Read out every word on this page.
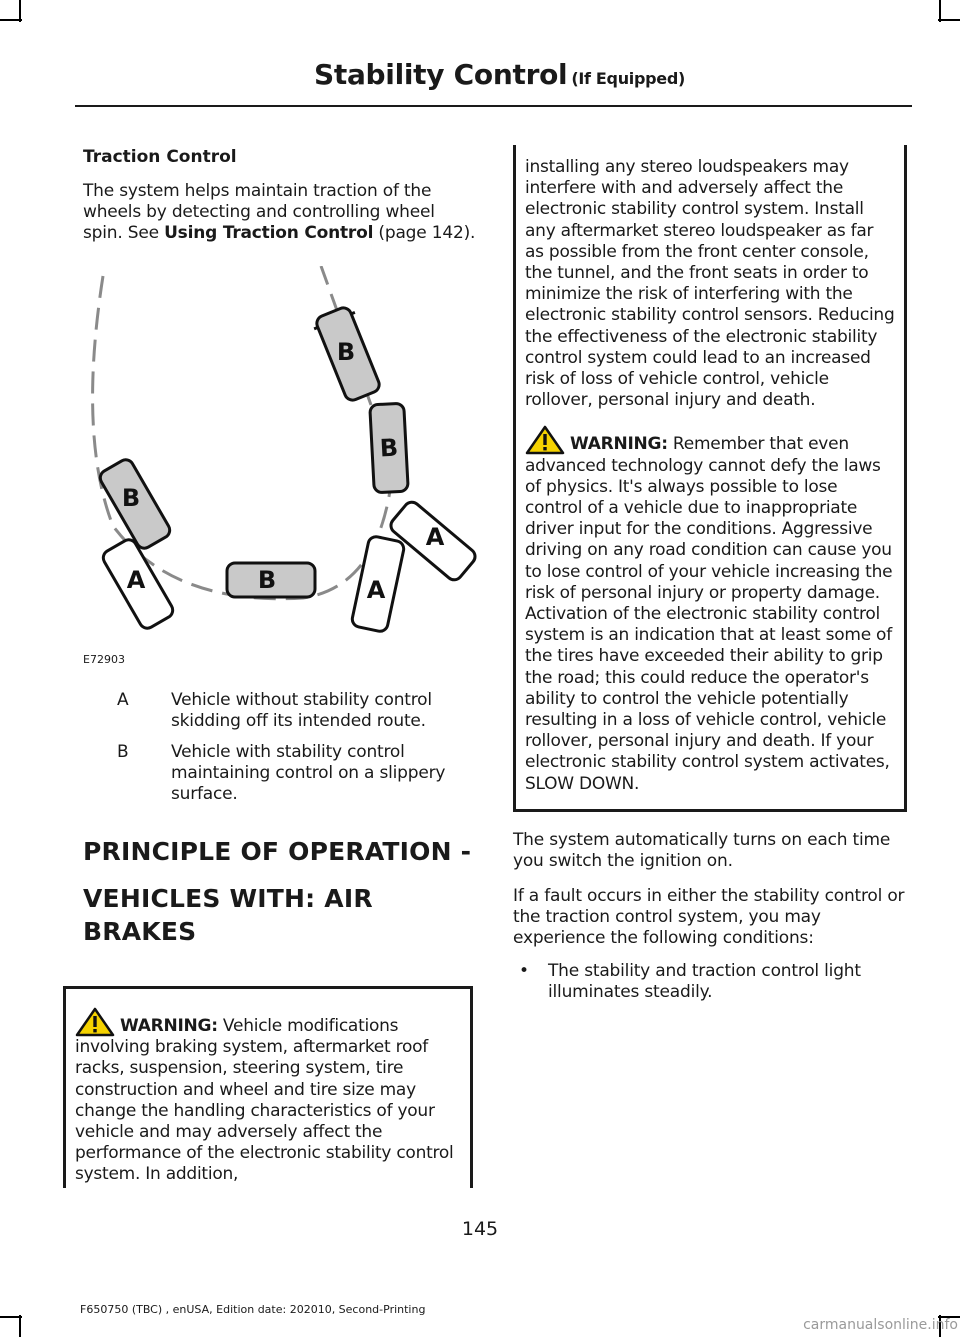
Stability Control (If Equipped)
Traction Control

The system helps maintain traction of the wheels by detecting and controlling wheel spin. See Using Traction Control (page 142).

B
B
B
B
A	A
A
E72903
A	Vehicle without stability control skidding off its intended route.
B	Vehicle with stability control maintaining control on a slippery surface.
PRINCIPLE OF OPERATION -
VEHICLES WITH: AIR BRAKES
WARNING: Vehicle modifications involving braking system, aftermarket roof racks, suspension, steering system, tire construction and wheel and tire size may change the handling characteristics of your vehicle and may adversely affect the performance of the electronic stability control system. In addition,
installing any stereo loudspeakers may interfere with and adversely affect the electronic stability control system. Install any aftermarket stereo loudspeaker as far as possible from the front center console, the tunnel, and the front seats in order to minimize the risk of interfering with the electronic stability control sensors. Reducing the effectiveness of the electronic stability control system could lead to an increased risk of loss of vehicle control, vehicle rollover, personal injury and death.
WARNING: Remember that even advanced technology cannot defy the laws of physics. It's always possible to lose control of a vehicle due to inappropriate driver input for the conditions. Aggressive driving on any road condition can cause you to lose control of your vehicle increasing the risk of personal injury or property damage. Activation of the electronic stability control system is an indication that at least some of the tires have exceeded their ability to grip the road; this could reduce the operator's ability to control the vehicle potentially resulting in a loss of vehicle control, vehicle rollover, personal injury and death. If your electronic stability control system activates, SLOW DOWN.

The system automatically turns on each time you switch the ignition on.

If a fault occurs in either the stability control or the traction control system, you may experience the following conditions:

•	The stability and traction control light illuminates steadily.
145
F650750 (TBC) , enUSA, Edition date: 202010, Second-Printing
carmanualsonline.info
